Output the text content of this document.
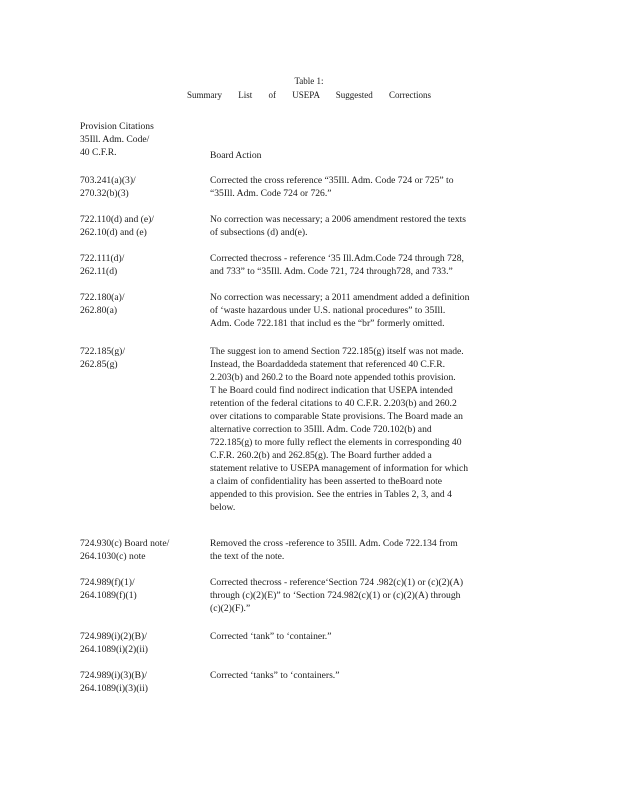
Table 1:
Summary List of USEPA Suggested Corrections
Provision Citations
35Ill. Adm. Code/
40 C.F.R.	Board Action
703.241(a)(3)/
270.32(b)(3)
Corrected the cross reference “35Ill. Adm. Code 724 or 725” to
“35Ill. Adm. Code 724 or 726.”
722.110(d) and (e)/
262.10(d) and (e)
No correction was necessary; a 2006 amendment restored the texts
of subsections (d) and(e).
722.111(d)/
262.11(d)
Corrected thecross - reference ‘35 Ill.Adm.Code 724 through 728,
and 733” to “35Ill. Adm. Code 721, 724 through728, and 733.”
722.180(a)/
262.80(a)
No correction was necessary; a 2011 amendment added a definition
of ‘waste hazardous under U.S. national procedures” to 35Ill.
Adm. Code 722.181 that includ es the “br” formerly omitted.
722.185(g)/
262.85(g)
The suggest ion to amend Section 722.185(g) itself was not made.
Instead, the Boardaddeda statement that referenced 40 C.F.R.
2.203(b) and 260.2 to the Board note appended tothis provision.
T he Board could find nodirect indication that USEPA intended
retention of the federal citations to 40 C.F.R. 2.203(b) and 260.2
over citations to comparable State provisions. The Board made an
alternative correction to 35Ill. Adm. Code 720.102(b) and
722.185(g) to more fully reflect the elements in corresponding 40
C.F.R. 260.2(b) and 262.85(g). The Board further added a
statement relative to USEPA management of information for which
a claim of confidentiality has been asserted to theBoard note
appended to this provision. See the entries in Tables 2, 3, and 4
below.
724.930(c) Board note/
264.1030(c) note
Removed the cross -reference to 35Ill. Adm. Code 722.134 from
the text of the note.
724.989(f)(1)/
264.1089(f)(1)
Corrected thecross - reference‘Section 724 .982(c)(1) or (c)(2)(A)
through (c)(2)(E)” to ‘Section 724.982(c)(1) or (c)(2)(A) through
(c)(2)(F).”
724.989(i)(2)(B)/
264.1089(i)(2)(ii)
Corrected ‘tank” to ‘container.”
724.989(i)(3)(B)/
264.1089(i)(3)(ii)
Corrected ‘tanks” to ‘containers.”
